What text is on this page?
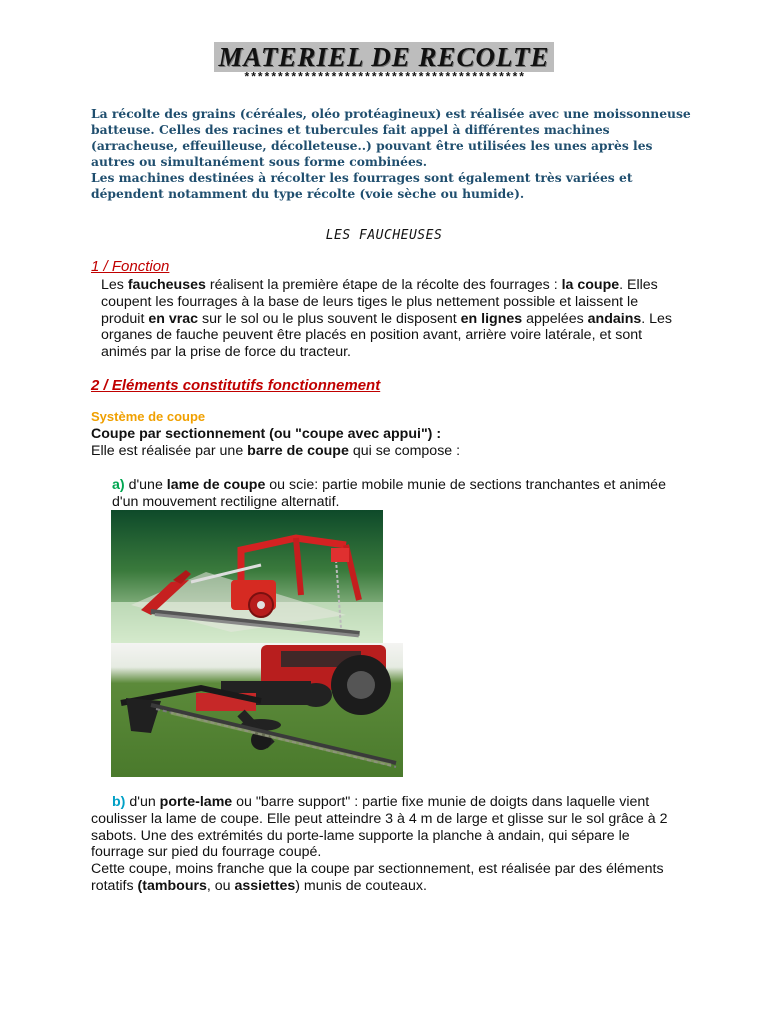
MATERIEL DE RECOLTE
******************************************

La récolte des grains (céréales, oléo protéagineux) est réalisée avec une moissonneuse batteuse. Celles des racines et tubercules fait appel à différentes machines (arracheuse, effeuilleuse, décolleteuse..) pouvant être utilisées les unes après les autres ou simultanément sous forme combinées.

Les machines destinées à récolter les fourrages sont également très variées et dépendent notamment du type récolte (voie sèche ou humide).

LES FAUCHEUSES
1 / Fonction

Les faucheuses réalisent la première étape de la récolte des fourrages : la coupe. Elles coupent les fourrages à la base de leurs tiges le plus nettement possible et laissent le produit en vrac sur le sol ou le plus souvent le disposent en lignes appelées andains. Les organes de fauche peuvent être placés en position avant, arrière voire latérale, et sont animés par la prise de force du tracteur.

2 / Eléments constitutifs fonctionnement
Système de coupe
Coupe par sectionnement (ou "coupe avec appui") :
Elle est réalisée par une barre de coupe qui se compose :
a) d'une lame de coupe ou scie: partie mobile munie de sections tranchantes et animée d'un mouvement rectiligne alternatif.
b) d'un porte-lame ou "barre support" : partie fixe munie de doigts dans laquelle vient coulisser la lame de coupe. Elle peut atteindre 3 à 4 m de large et glisse sur le sol grâce à 2 sabots. Une des extrémités du porte-lame supporte la planche à andain, qui sépare le fourrage sur pied du fourrage coupé.
Cette coupe, moins franche que la coupe par sectionnement, est réalisée par des éléments rotatifs (tambours, ou assiettes) munis de couteaux.
